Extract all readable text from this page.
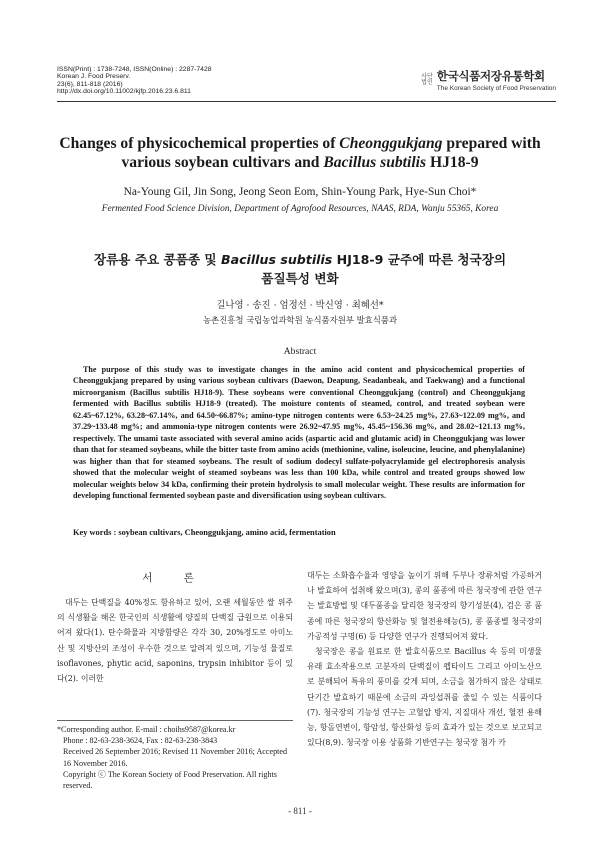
ISSN(Print) : 1738-7248, ISSN(Online) : 2287-7428
Korean J. Food Preserv.
23(6), 811-818 (2016)
http://dx.doi.org/10.11002/kjfp.2016.23.6.811
사단
법인 한국식품저장유통학회
The Korean Society of Food Preservation
Changes of physicochemical properties of Cheonggukjang prepared with various soybean cultivars and Bacillus subtilis HJ18-9
Na-Young Gil, Jin Song, Jeong Seon Eom, Shin-Young Park, Hye-Sun Choi*
Fermented Food Science Division, Department of Agrofood Resources, NAAS, RDA, Wanju 55365, Korea
장류용 주요 콩품종 및 Bacillus subtilis HJ18-9 균주에 따른 청국장의
품질특성 변화
길나영 · 송진 · 엄정선 · 박신영 · 최혜선*
농촌진흥청 국립농업과학원 농식품자원부 발효식품과
Abstract
The purpose of this study was to investigate changes in the amino acid content and physicochemical properties of Cheonggukjang prepared by using various soybean cultivars (Daewon, Deapung, Seadanbeak, and Taekwang) and a functional microorganism (Bacillus subtilis HJ18-9). These soybeans were conventional Cheonggukjang (control) and Cheonggukjang fermented with Bacillus subtilis HJ18-9 (treated). The moisture contents of steamed, control, and treated soybean were 62.45~67.12%, 63.28~67.14%, and 64.50~66.87%; amino-type nitrogen contents were 6.53~24.25 mg%, 27.63~122.09 mg%, and 37.29~133.48 mg%; and ammonia-type nitrogen contents were 26.92~47.95 mg%, 45.45~156.36 mg%, and 28.02~121.13 mg%, respectively. The umami taste associated with several amino acids (aspartic acid and glutamic acid) in Cheonggukjang was lower than that for steamed soybeans, while the bitter taste from amino acids (methionine, valine, isoleucine, leucine, and phenylalanine) was higher than that for steamed soybeans. The result of sodium dodecyl sulfate-polyacrylamide gel electrophoresis analysis showed that the molecular weight of steamed soybeans was less than 100 kDa, while control and treated groups showed low molecular weights below 34 kDa, confirming their protein hydrolysis to small molecular weight. These results are information for developing functional fermented soybean paste and diversification using soybean cultivars.
Key words : soybean cultivars, Cheonggukjang, amino acid, fermentation
서 론
대두는 단백질을 40%정도 함유하고 있어, 오랜 세월동안 쌀 위주의 식생활을 해온 한국인의 식생활에 양질의 단백질 급원으로 이용되어져 왔다(1). 탄수화물과 지방함량은 각각 30, 20%정도로 아미노산 및 지방산의 조성이 우수한 것으로 알려져 있으며, 기능성 물질로 isoflavones, phytic acid, saponins, trypsin inhibitor 등이 있다(2). 이러한
*Corresponding author. E-mail : choihs9587@korea.kr
Phone : 82-63-238-3624, Fax : 82-63-238-3843
Received 26 September 2016; Revised 11 November 2016; Accepted 16 November 2016.
Copyright ⓒ The Korean Society of Food Preservation. All rights reserved.

대두는 소화흡수율과 영양을 높이기 위해 두부나 장류처럼 가공하거나 발효하여 섭취해 왔으며(3), 콩의 품종에 따른 청국장에 관한 연구는 발효방법 및 대두품종을 달리한 청국장의 향기성분(4), 검은 콩 품종에 따른 청국장의 항산화능 및 혈전용해능(5), 콩 품종별 청국장의 가공적성 구명(6) 등 다양한 연구가 진행되어져 왔다.

청국장은 콩을 원료로 한 발효식품으로 Bacillus 속 등의 미생물 유래 효소작용으로 고분자의 단백질이 펩타이드 그리고 아미노산으로 분해되어 특유의 풍미를 갖게 되며, 소금을 첨가하지 않은 상태로 단기간 발효하기 때문에 소금의 과잉섭취를 줄일 수 있는 식품이다(7). 청국장의 기능성 연구는 고혈압 방지, 지질대사 개선, 혈전 용해능, 항돌연변이, 항암성, 항산화성 등의 효과가 있는 것으로 보고되고 있다(8,9). 청국장 이용 상품화 기반연구는 청국장 첨가 카

- 811 -
